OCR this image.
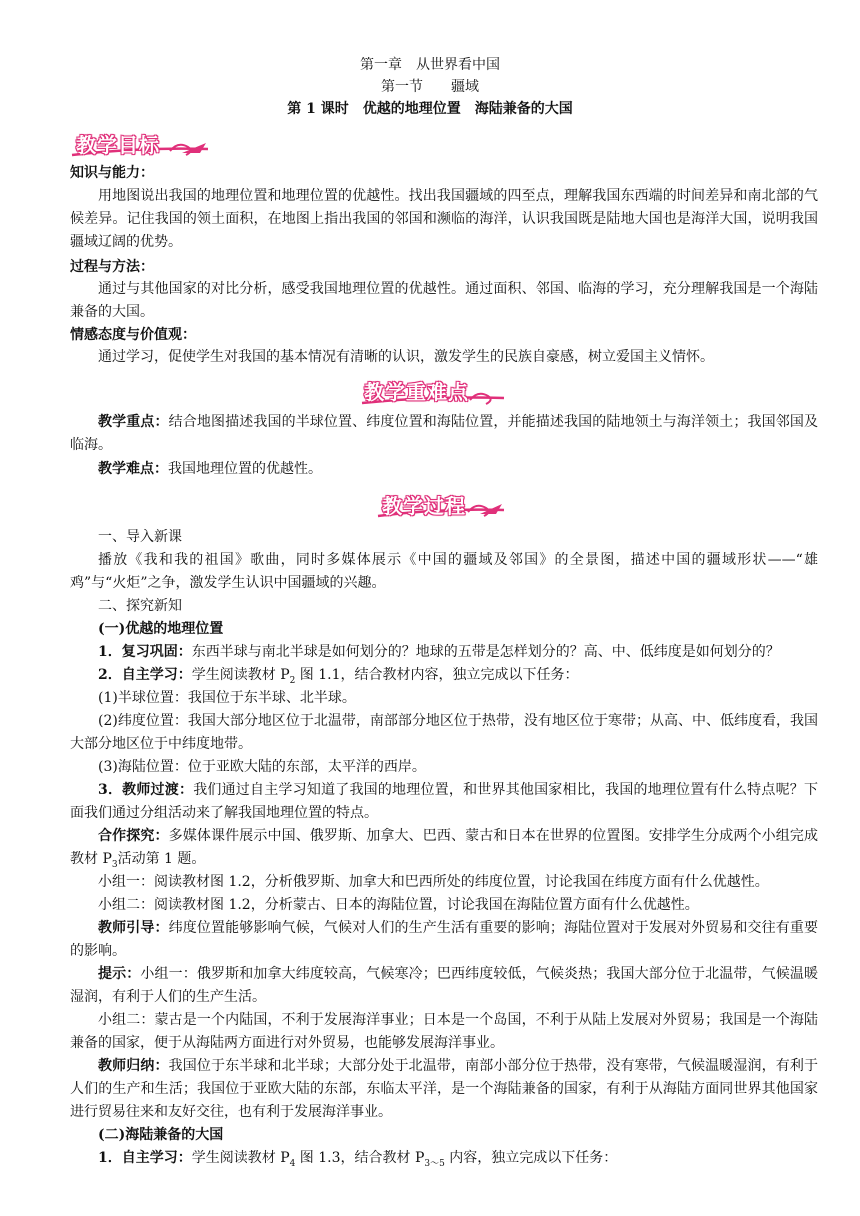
第一章　从世界看中国
第一节　　疆域
第 1 课时　优越的地理位置　海陆兼备的大国
教学目标
知识与能力：
用地图说出我国的地理位置和地理位置的优越性。找出我国疆域的四至点，理解我国东西端的时间差异和南北部的气候差异。记住我国的领土面积，在地图上指出我国的邻国和濒临的海洋，认识我国既是陆地大国也是海洋大国，说明我国疆域辽阔的优势。
过程与方法：
通过与其他国家的对比分析，感受我国地理位置的优越性。通过面积、邻国、临海的学习，充分理解我国是一个海陆兼备的大国。
情感态度与价值观：
通过学习，促使学生对我国的基本情况有清晰的认识，激发学生的民族自豪感，树立爱国主义情怀。
教学重难点
教学重点：结合地图描述我国的半球位置、纬度位置和海陆位置，并能描述我国的陆地领土与海洋领土；我国邻国及临海。
教学难点：我国地理位置的优越性。
教学过程
一、导入新课
播放《我和我的祖国》歌曲，同时多媒体展示《中国的疆域及邻国》的全景图，描述中国的疆域形状——“雄鸡”与“火炬”之争，激发学生认识中国疆域的兴趣。
二、探究新知
(一)优越的地理位置
1．复习巩固：东西半球与南北半球是如何划分的？地球的五带是怎样划分的？高、中、低纬度是如何划分的？
2．自主学习：学生阅读教材 $P_2$ 图 1.1，结合教材内容，独立完成以下任务：
(1)半球位置：我国位于东半球、北半球。
(2)纬度位置：我国大部分地区位于北温带，南部部分地区位于热带，没有地区位于寒带；从高、中、低纬度看，我国大部分地区位于中纬度地带。
(3)海陆位置：位于亚欧大陆的东部，太平洋的西岸。
3．教师过渡：我们通过自主学习知道了我国的地理位置，和世界其他国家相比，我国的地理位置有什么特点呢？下面我们通过分组活动来了解我国地理位置的特点。
合作探究：多媒体课件展示中国、俄罗斯、加拿大、巴西、蒙古和日本在世界的位置图。安排学生分成两个小组完成教材 $P_3$活动第 1 题。
小组一：阅读教材图 1.2，分析俄罗斯、加拿大和巴西所处的纬度位置，讨论我国在纬度方面有什么优越性。
小组二：阅读教材图 1.2，分析蒙古、日本的海陆位置，讨论我国在海陆位置方面有什么优越性。
教师引导：纬度位置能够影响气候，气候对人们的生产生活有重要的影响；海陆位置对于发展对外贸易和交往有重要的影响。
提示：小组一：俄罗斯和加拿大纬度较高，气候寒冷；巴西纬度较低，气候炎热；我国大部分位于北温带，气候温暖湿润，有利于人们的生产生活。
小组二：蒙古是一个内陆国，不利于发展海洋事业；日本是一个岛国，不利于从陆上发展对外贸易；我国是一个海陆兼备的国家，便于从海陆两方面进行对外贸易，也能够发展海洋事业。
教师归纳：我国位于东半球和北半球；大部分处于北温带，南部小部分位于热带，没有寒带，气候温暖湿润，有利于人们的生产和生活；我国位于亚欧大陆的东部，东临太平洋，是一个海陆兼备的国家，有利于从海陆方面同世界其他国家进行贸易往来和友好交往，也有利于发展海洋事业。
(二)海陆兼备的大国
1．自主学习：学生阅读教材 $P_4$ 图 1.3，结合教材 $P_{3\sim 5}$ 内容，独立完成以下任务：
